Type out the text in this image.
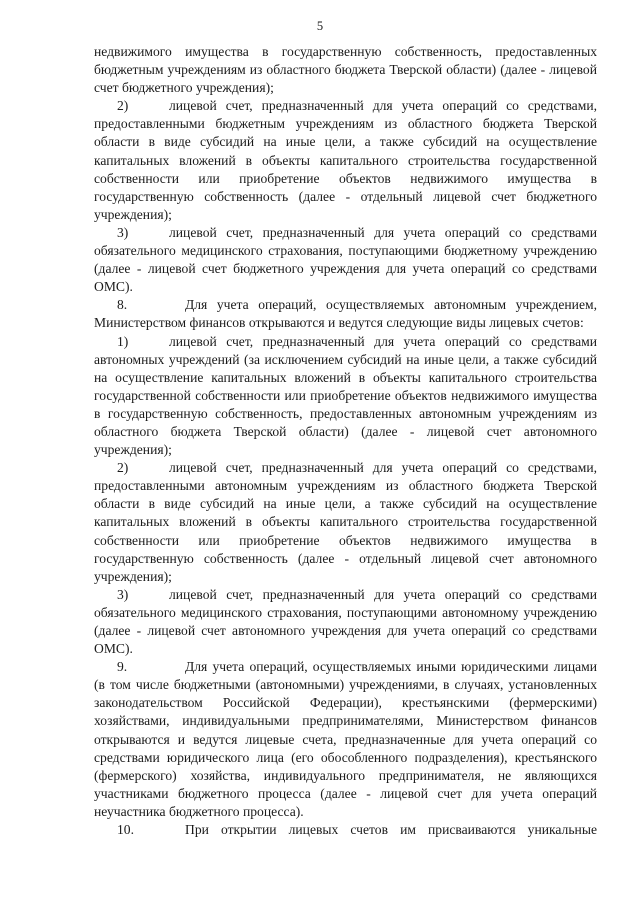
5

недвижимого имущества в государственную собственность, предоставленных бюджетным учреждениям из областного бюджета Тверской области) (далее - лицевой счет бюджетного учреждения);

2)	лицевой счет, предназначенный для учета операций со средствами, предоставленными бюджетным учреждениям из областного бюджета Тверской области в виде субсидий на иные цели, а также субсидий на осуществление капитальных вложений в объекты капитального строительства государственной собственности или приобретение объектов недвижимого имущества в государственную собственность (далее - отдельный лицевой счет бюджетного учреждения);

3)	лицевой счет, предназначенный для учета операций со средствами обязательного медицинского страхования, поступающими бюджетному учреждению (далее - лицевой счет бюджетного учреждения для учета операций со средствами ОМС).

8.	Для учета операций, осуществляемых автономным учреждением, Министерством финансов открываются и ведутся следующие виды лицевых счетов:

1)	лицевой счет, предназначенный для учета операций со средствами автономных учреждений (за исключением субсидий на иные цели, а также субсидий на осуществление капитальных вложений в объекты капитального строительства государственной собственности или приобретение объектов недвижимого имущества в государственную собственность, предоставленных автономным учреждениям из областного бюджета Тверской области) (далее - лицевой счет автономного учреждения);

2)	лицевой счет, предназначенный для учета операций со средствами, предоставленными автономным учреждениям из областного бюджета Тверской области в виде субсидий на иные цели, а также субсидий на осуществление капитальных вложений в объекты капитального строительства государственной собственности или приобретение объектов недвижимого имущества в государственную собственность (далее - отдельный лицевой счет автономного учреждения);

3)	лицевой счет, предназначенный для учета операций со средствами обязательного медицинского страхования, поступающими автономному учреждению (далее - лицевой счет автономного учреждения для учета операций со средствами ОМС).

9.	Для учета операций, осуществляемых иными юридическими лицами (в том числе бюджетными (автономными) учреждениями, в случаях, установленных законодательством Российской Федерации), крестьянскими (фермерскими) хозяйствами, индивидуальными предпринимателями, Министерством финансов открываются и ведутся лицевые счета, предназначенные для учета операций со средствами юридического лица (его обособленного подразделения), крестьянского (фермерского) хозяйства, индивидуального предпринимателя, не являющихся участниками бюджетного процесса (далее - лицевой счет для учета операций неучастника бюджетного процесса).

10.	При открытии лицевых счетов им присваиваются уникальные
